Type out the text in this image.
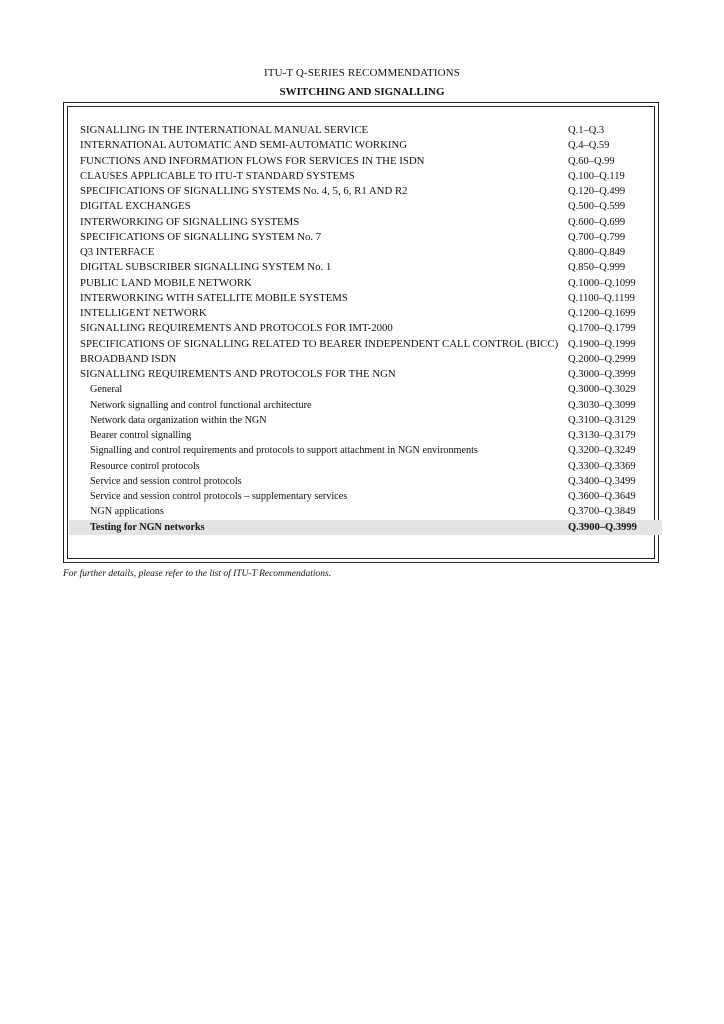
ITU-T Q-SERIES RECOMMENDATIONS
SWITCHING AND SIGNALLING
SIGNALLING IN THE INTERNATIONAL MANUAL SERVICE	Q.1–Q.3
INTERNATIONAL AUTOMATIC AND SEMI-AUTOMATIC WORKING	Q.4–Q.59
FUNCTIONS AND INFORMATION FLOWS FOR SERVICES IN THE ISDN	Q.60–Q.99
CLAUSES APPLICABLE TO ITU-T STANDARD SYSTEMS	Q.100–Q.119
SPECIFICATIONS OF SIGNALLING SYSTEMS No. 4, 5, 6, R1 AND R2	Q.120–Q.499
DIGITAL EXCHANGES	Q.500–Q.599
INTERWORKING OF SIGNALLING SYSTEMS	Q.600–Q.699
SPECIFICATIONS OF SIGNALLING SYSTEM No. 7	Q.700–Q.799
Q3 INTERFACE	Q.800–Q.849
DIGITAL SUBSCRIBER SIGNALLING SYSTEM No. 1	Q.850–Q.999
PUBLIC LAND MOBILE NETWORK	Q.1000–Q.1099
INTERWORKING WITH SATELLITE MOBILE SYSTEMS	Q.1100–Q.1199
INTELLIGENT NETWORK	Q.1200–Q.1699
SIGNALLING REQUIREMENTS AND PROTOCOLS FOR IMT-2000	Q.1700–Q.1799
SPECIFICATIONS OF SIGNALLING RELATED TO BEARER INDEPENDENT CALL CONTROL (BICC) Q.1900–Q.1999
BROADBAND ISDN	Q.2000–Q.2999
SIGNALLING REQUIREMENTS AND PROTOCOLS FOR THE NGN	Q.3000–Q.3999
General	Q.3000–Q.3029
Network signalling and control functional architecture	Q.3030–Q.3099
Network data organization within the NGN	Q.3100–Q.3129
Bearer control signalling	Q.3130–Q.3179
Signalling and control requirements and protocols to support attachment in NGN environments	Q.3200–Q.3249
Resource control protocols	Q.3300–Q.3369
Service and session control protocols	Q.3400–Q.3499
Service and session control protocols – supplementary services	Q.3600–Q.3649
NGN applications	Q.3700–Q.3849
Testing for NGN networks	Q.3900–Q.3999
For further details, please refer to the list of ITU-T Recommendations.
